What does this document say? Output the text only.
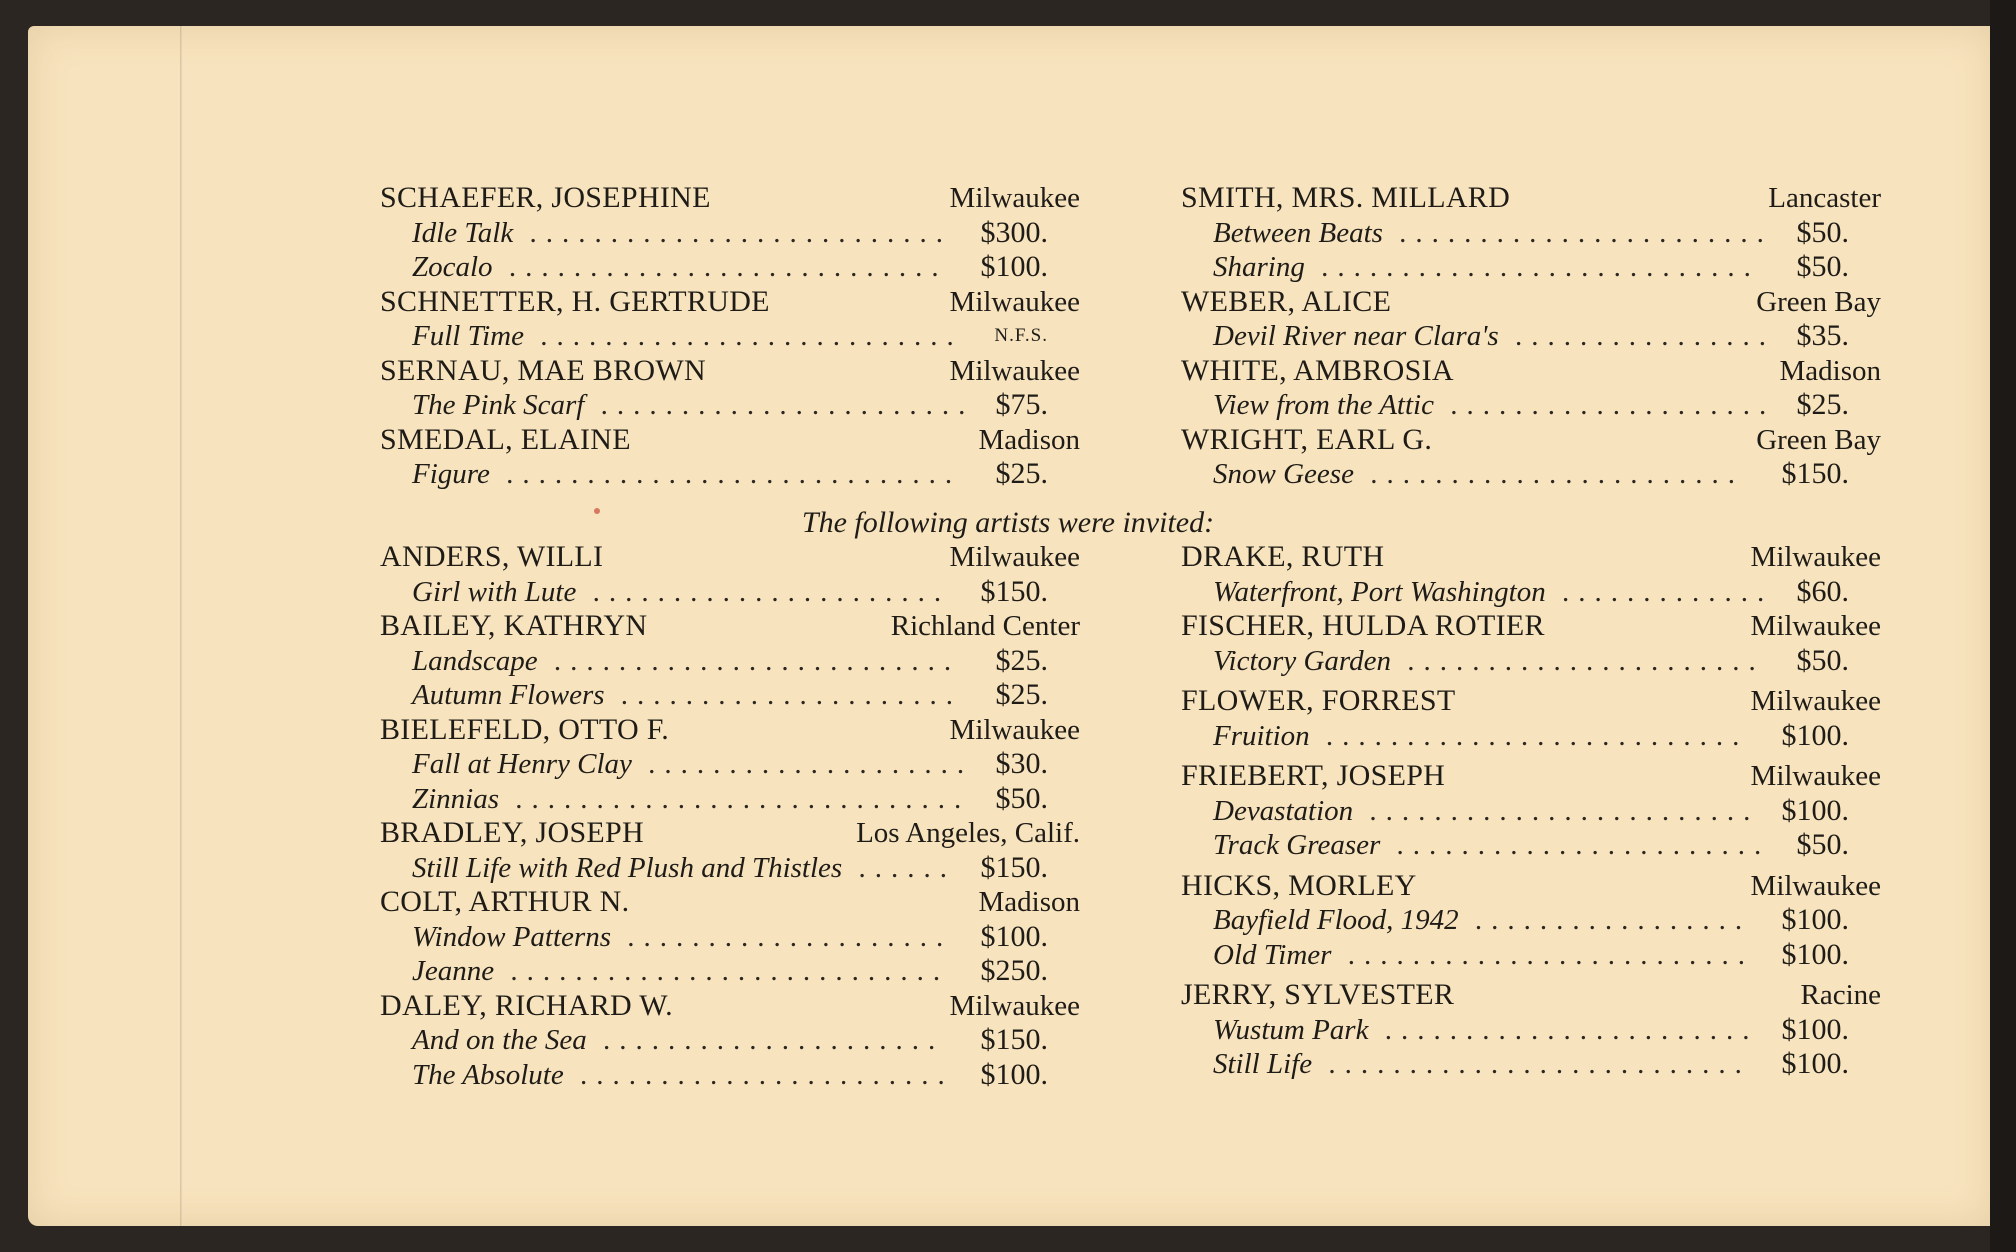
SCHAEFER, JOSEPHINE	Milwaukee
Idle Talk .......................... $300.
Zocalo ........................... $100.
SCHNETTER, H. GERTRUDE	Milwaukee
Full Time .......................... N.F.S.
SERNAU, MAE BROWN	Milwaukee
The Pink Scarf ....................... $75.
SMEDAL, ELAINE	Madison
Figure ............................ $25.
SMITH, MRS. MILLARD	Lancaster
Between Beats ....................... $50.
Sharing ........................... $50.
WEBER, ALICE	Green Bay
Devil River near Clara's ................ $35.
WHITE, AMBROSIA	Madison
View from the Attic .................... $25.
WRIGHT, EARL G.	Green Bay
Snow Geese ....................... $150.
The following artists were invited:
ANDERS, WILLI	Milwaukee
Girl with Lute ...................... $150.
BAILEY, KATHRYN	Richland Center
Landscape ......................... $25.
Autumn Flowers ..................... $25.
BIELEFELD, OTTO F.	Milwaukee
Fall at Henry Clay .................... $30.
Zinnias ............................ $50.
BRADLEY, JOSEPH	Los Angeles, Calif.
Still Life with Red Plush and Thistles ...... $150.
COLT, ARTHUR N.	Madison
Window Patterns .................... $100.
Jeanne ........................... $250.
DALEY, RICHARD W.	Milwaukee
And on the Sea ..................... $150.
The Absolute ....................... $100.
DRAKE, RUTH	Milwaukee
Waterfront, Port Washington ............. $60.
FISCHER, HULDA ROTIER	Milwaukee
Victory Garden ...................... $50.
FLOWER, FORREST	Milwaukee
Fruition .......................... $100.
FRIEBERT, JOSEPH	Milwaukee
Devastation ........................ $100.
Track Greaser ....................... $50.
HICKS, MORLEY	Milwaukee
Bayfield Flood, 1942 ................. $100.
Old Timer ......................... $100.
JERRY, SYLVESTER	Racine
Wustum Park ....................... $100.
Still Life .......................... $100.
